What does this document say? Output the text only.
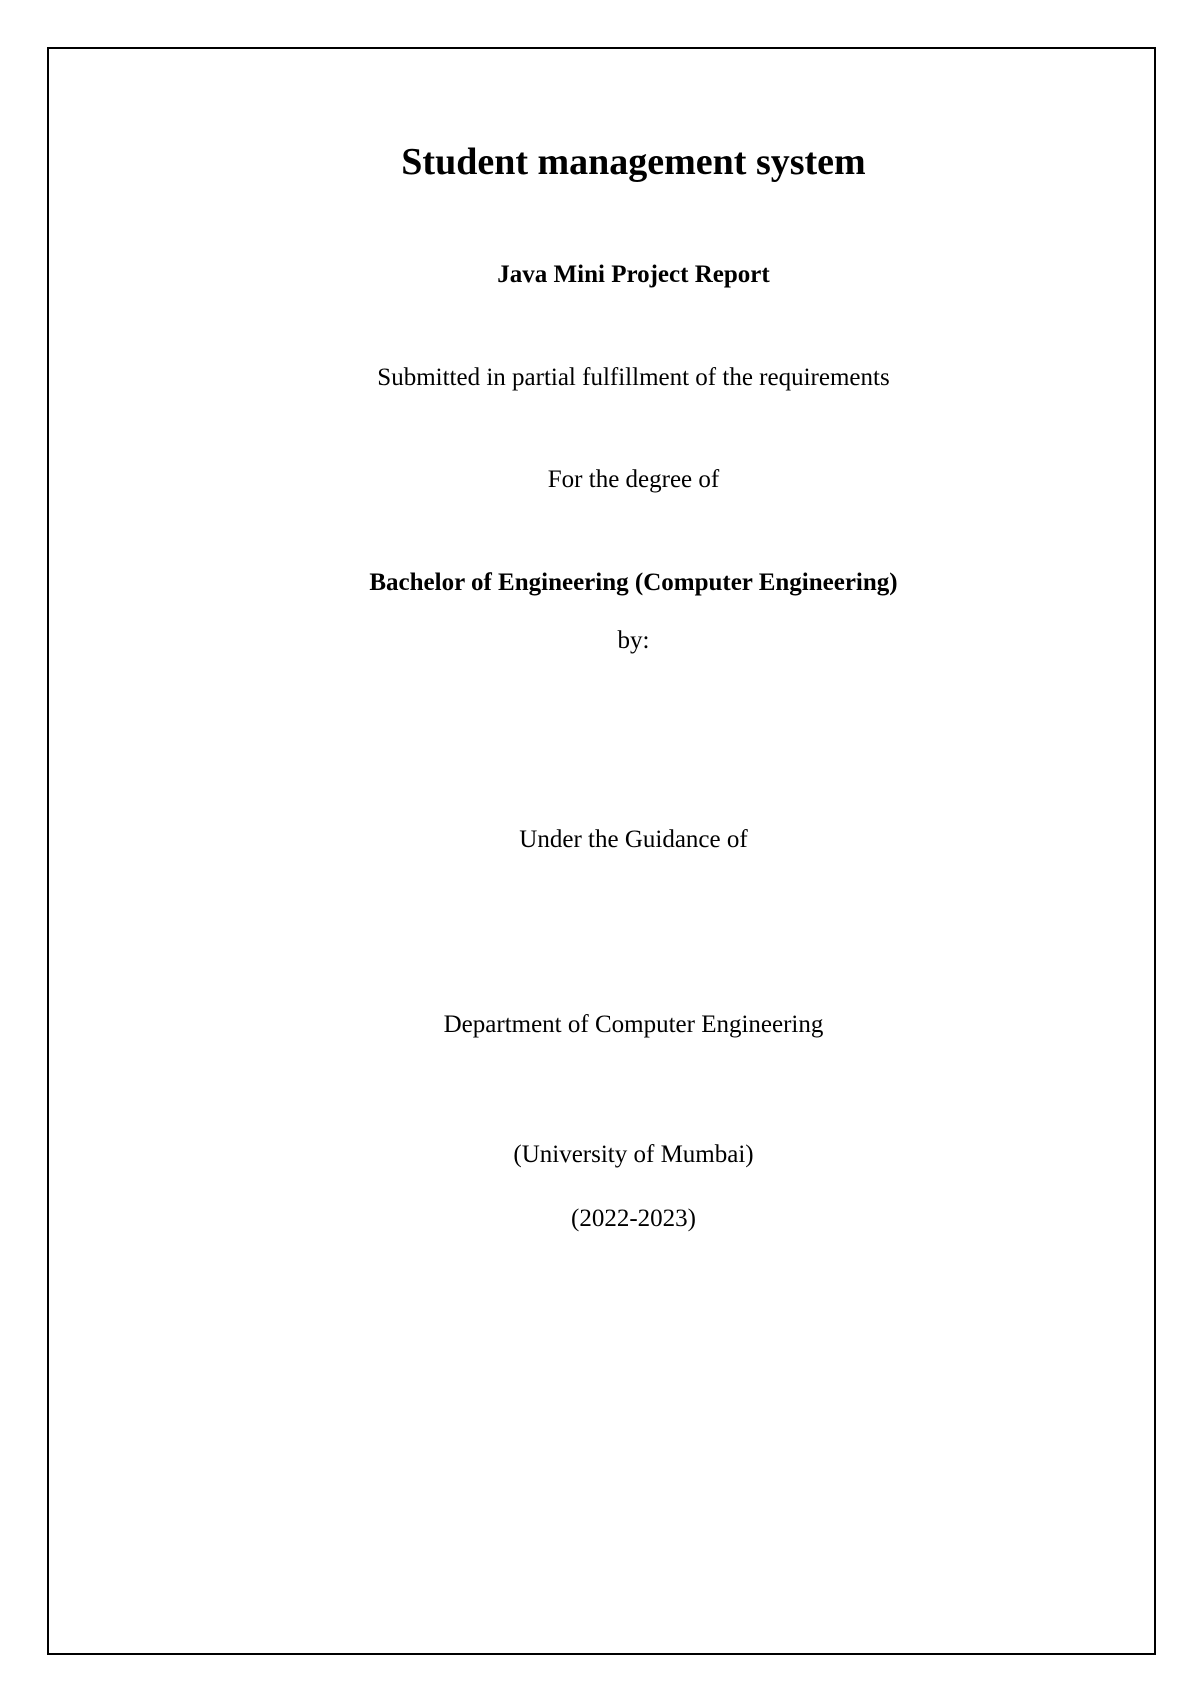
Student management system
Java Mini Project Report
Submitted in partial fulfillment of the requirements
For the degree of
Bachelor of Engineering (Computer Engineering)
by:
Under the Guidance of
Department of Computer Engineering
(University of Mumbai)
(2022-2023)
